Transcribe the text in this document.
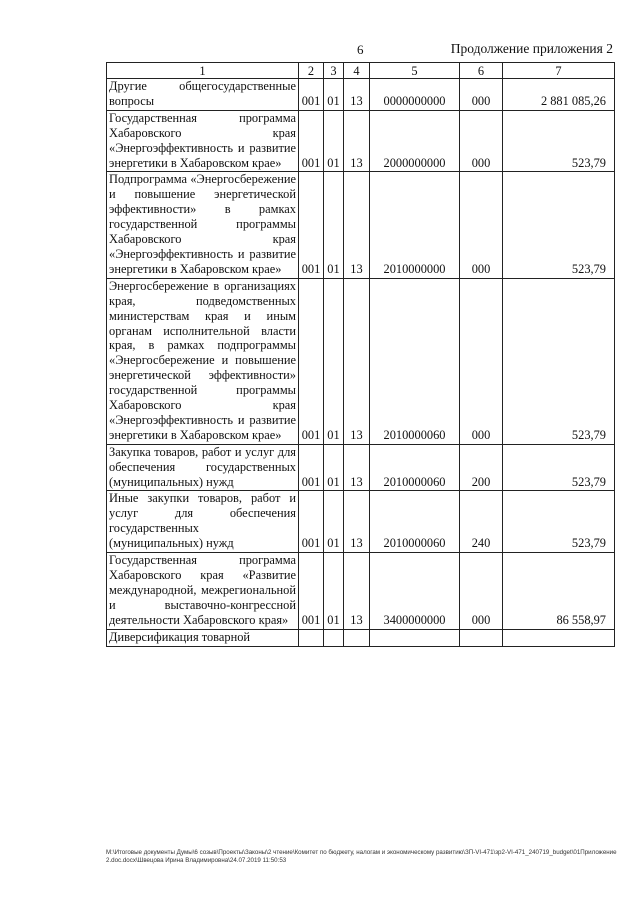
6	Продолжение приложения 2
1	2	3	4	5	6	7
Другие общегосударственные вопросы	001	01	13	0000000000	000	2 881 085,26
Государственная программа Хабаровского края «Энергоэффективность и развитие энергетики в Хабаровском крае»	001	01	13	2000000000	000	523,79
Подпрограмма «Энергосбережение и повышение энергетической эффективности» в рамках государственной программы Хабаровского края «Энергоэффективность и развитие энергетики в Хабаровском крае»	001	01	13	2010000000	000	523,79
Энергосбережение в организациях края, подведомственных министерствам края и иным органам исполнительной власти края, в рамках подпрограммы «Энергосбережение и повышение энергетической эффективности» государственной программы Хабаровского края «Энергоэффективность и развитие энергетики в Хабаровском крае»	001	01	13	2010000060	000	523,79
Закупка товаров, работ и услуг для обеспечения государственных (муниципальных) нужд	001	01	13	2010000060	200	523,79
Иные закупки товаров, работ и услуг для обеспечения государственных (муниципальных) нужд	001	01	13	2010000060	240	523,79
Государственная программа Хабаровского края «Развитие международной, межрегиональной и выставочно-конгрессной деятельности Хабаровского края»	001	01	13	3400000000	000	86 558,97
Диверсификация товарной						
M:\Итоговые документы Думы\6 созыв\Проекты\Законы\2 чтение\Комитет по бюджету, налогам и экономическому развитию\ЗП-VI-471\зр2-VI-471_240719_budget\01Приложение 2.doc.docx\Швецова Ирина Владимировна\24.07.2019 11:50:53
